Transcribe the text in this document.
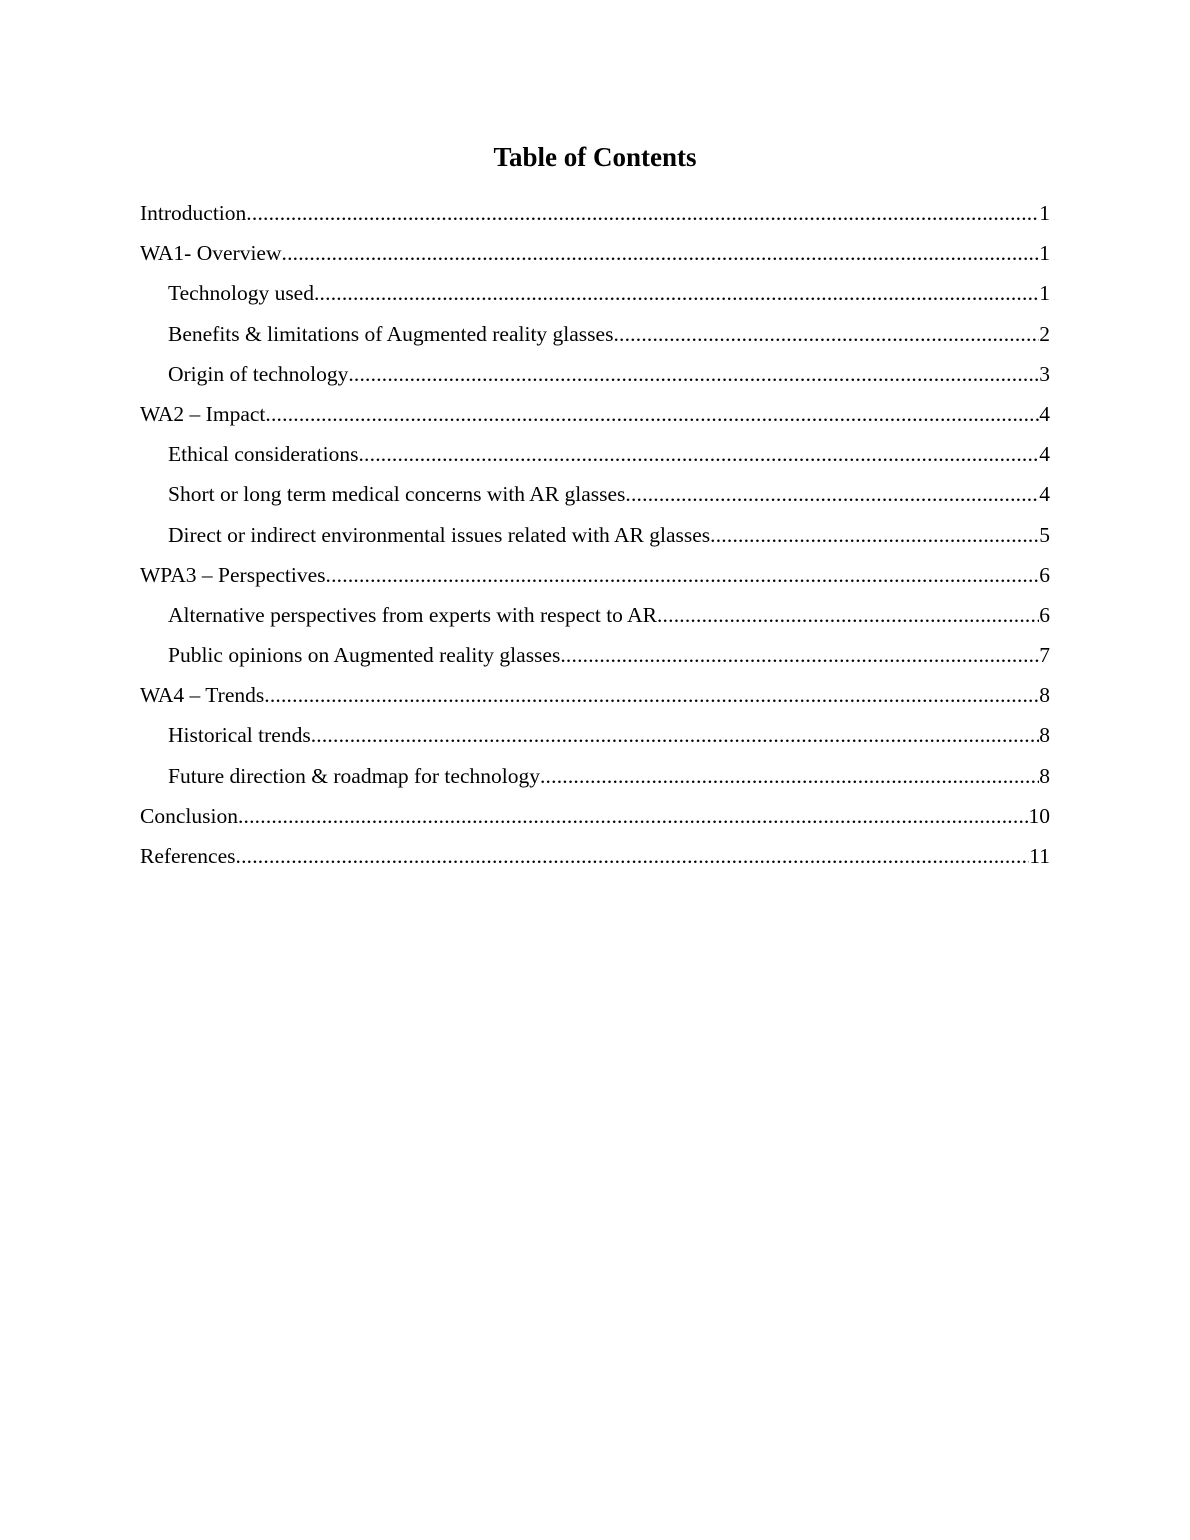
Table of Contents
Introduction .....	1
WA1- Overview .....	1
Technology used .....	1
Benefits & limitations of Augmented reality glasses .....	2
Origin of technology .....	3
WA2 – Impact .....	4
Ethical considerations .....	4
Short or long term medical concerns with AR glasses .....	4
Direct or indirect environmental issues related with AR glasses .....	5
WPA3 – Perspectives .....	6
Alternative perspectives from experts with respect to AR .....	6
Public opinions on Augmented reality glasses .....	7
WA4 – Trends .....	8
Historical trends .....	8
Future direction & roadmap for technology .....	8
Conclusion .....	10
References .....	11
